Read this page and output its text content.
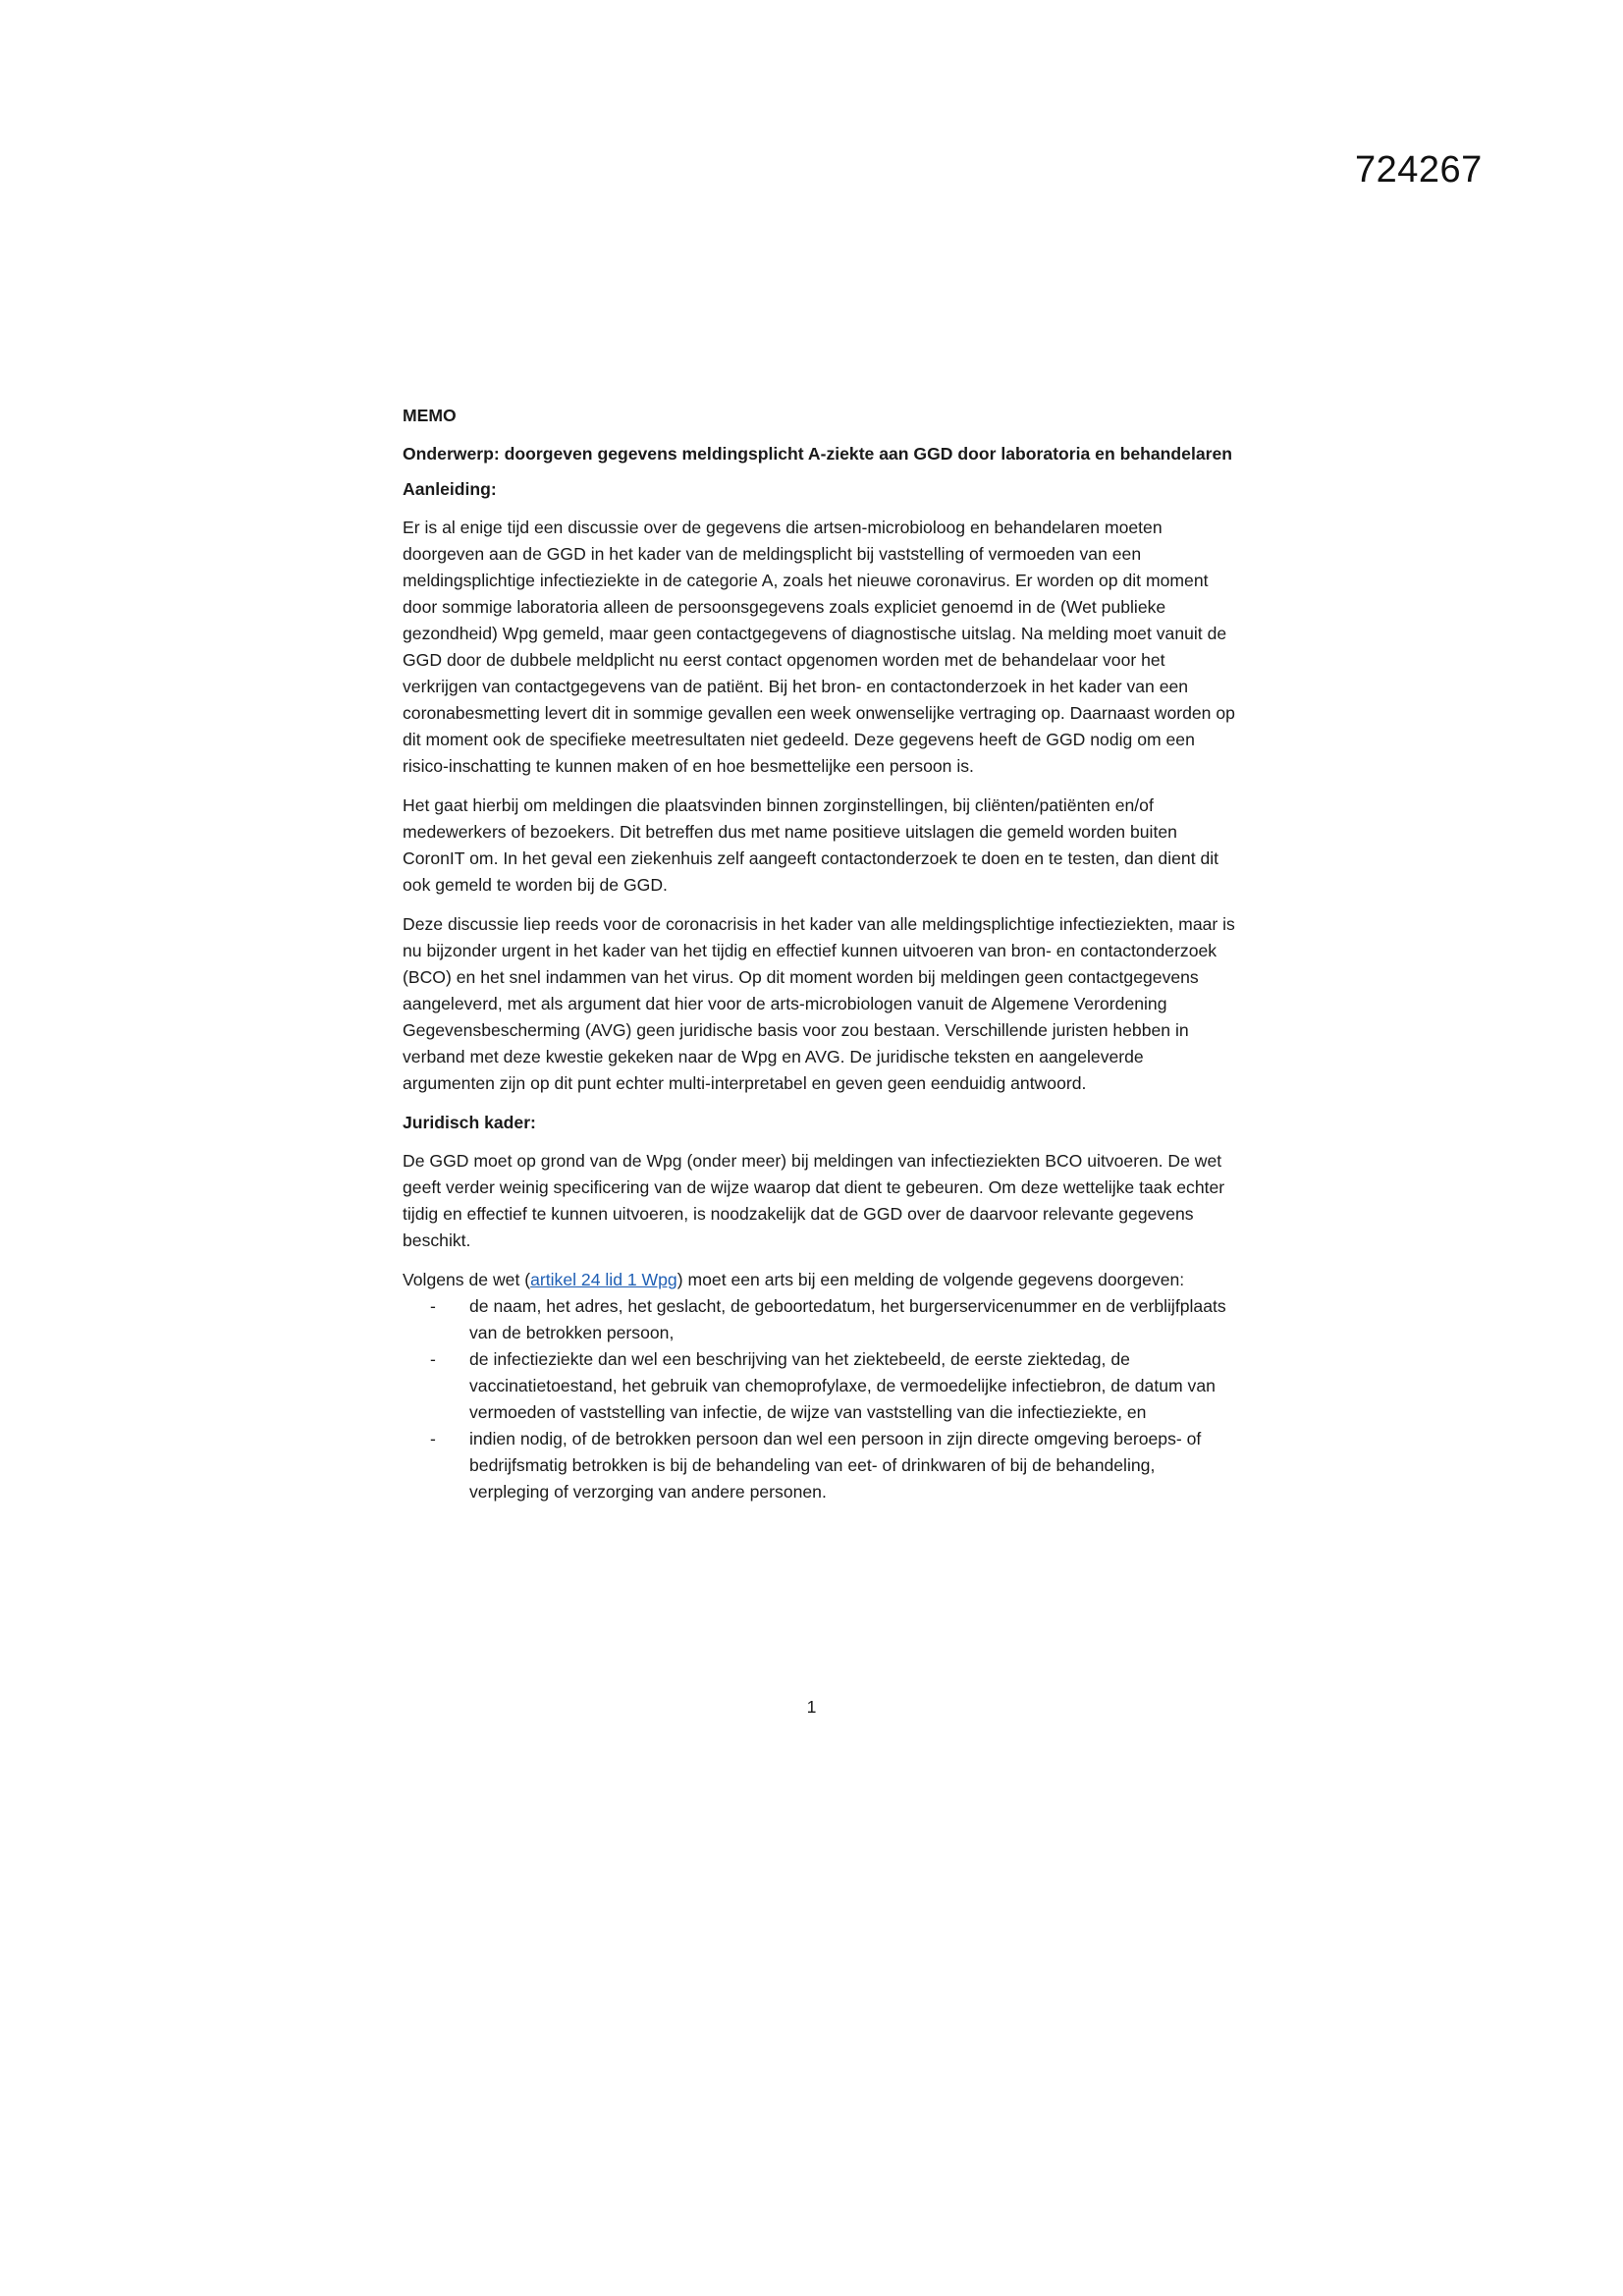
724267
MEMO
Onderwerp: doorgeven gegevens meldingsplicht A-ziekte aan GGD door laboratoria en behandelaren
Aanleiding:

Er is al enige tijd een discussie over de gegevens die artsen-microbioloog en behandelaren moeten doorgeven aan de GGD in het kader van de meldingsplicht bij vaststelling of vermoeden van een meldingsplichtige infectieziekte in de categorie A, zoals het nieuwe coronavirus. Er worden op dit moment door sommige laboratoria alleen de persoonsgegevens zoals expliciet genoemd in de (Wet publieke gezondheid) Wpg gemeld, maar geen contactgegevens of diagnostische uitslag. Na melding moet vanuit de GGD door de dubbele meldplicht nu eerst contact opgenomen worden met de behandelaar voor het verkrijgen van contactgegevens van de patiënt. Bij het bron- en contactonderzoek in het kader van een coronabesmetting levert dit in sommige gevallen een week onwenselijke vertraging op. Daarnaast worden op dit moment ook de specifieke meetresultaten niet gedeeld. Deze gegevens heeft de GGD nodig om een risico-inschatting te kunnen maken of en hoe besmettelijke een persoon is.

Het gaat hierbij om meldingen die plaatsvinden binnen zorginstellingen, bij cliënten/patiënten en/of medewerkers of bezoekers. Dit betreffen dus met name positieve uitslagen die gemeld worden buiten CoronIT om. In het geval een ziekenhuis zelf aangeeft contactonderzoek te doen en te testen, dan dient dit ook gemeld te worden bij de GGD.

Deze discussie liep reeds voor de coronacrisis in het kader van alle meldingsplichtige infectieziekten, maar is nu bijzonder urgent in het kader van het tijdig en effectief kunnen uitvoeren van bron- en contactonderzoek (BCO) en het snel indammen van het virus. Op dit moment worden bij meldingen geen contactgegevens aangeleverd, met als argument dat hier voor de arts-microbiologen vanuit de Algemene Verordening Gegevensbescherming (AVG) geen juridische basis voor zou bestaan. Verschillende juristen hebben in verband met deze kwestie gekeken naar de Wpg en AVG. De juridische teksten en aangeleverde argumenten zijn op dit punt echter multi-interpretabel en geven geen eenduidig antwoord.

Juridisch kader:

De GGD moet op grond van de Wpg (onder meer) bij meldingen van infectieziekten BCO uitvoeren. De wet geeft verder weinig specificering van de wijze waarop dat dient te gebeuren. Om deze wettelijke taak echter tijdig en effectief te kunnen uitvoeren, is noodzakelijk dat de GGD over de daarvoor relevante gegevens beschikt.

Volgens de wet (artikel 24 lid 1 Wpg) moet een arts bij een melding de volgende gegevens doorgeven:

- de naam, het adres, het geslacht, de geboortedatum, het burgerservicenummer en de verblijfplaats van de betrokken persoon,
- de infectieziekte dan wel een beschrijving van het ziektebeeld, de eerste ziektedag, de vaccinatietoestand, het gebruik van chemoprofylaxe, de vermoedelijke infectiebron, de datum van vermoeden of vaststelling van infectie, de wijze van vaststelling van die infectieziekte, en
- indien nodig, of de betrokken persoon dan wel een persoon in zijn directe omgeving beroeps- of bedrijfsmatig betrokken is bij de behandeling van eet- of drinkwaren of bij de behandeling, verpleging of verzorging van andere personen.
1
